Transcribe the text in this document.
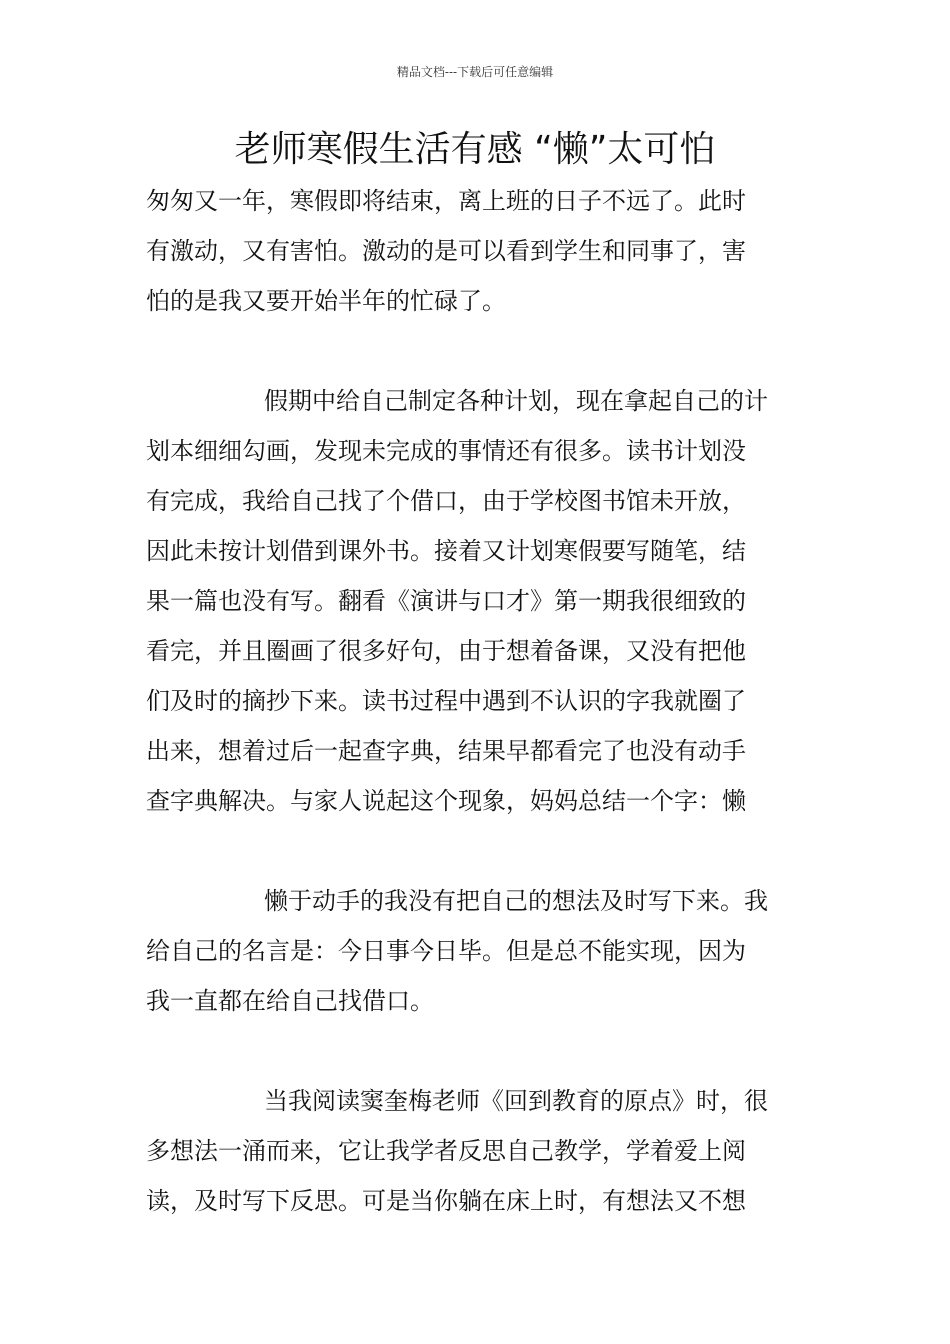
精品文档---下载后可任意编辑
老师寒假生活有感 “懒”太可怕
匆匆又一年，寒假即将结束，离上班的日子不远了。此时
有激动，又有害怕。激动的是可以看到学生和同事了，害
怕的是我又要开始半年的忙碌了。
假期中给自己制定各种计划，现在拿起自己的计
划本细细勾画，发现未完成的事情还有很多。读书计划没
有完成，我给自己找了个借口，由于学校图书馆未开放，
因此未按计划借到课外书。接着又计划寒假要写随笔，结
果一篇也没有写。翻看《演讲与口才》第一期我很细致的
看完，并且圈画了很多好句，由于想着备课，又没有把他
们及时的摘抄下来。读书过程中遇到不认识的字我就圈了
出来，想着过后一起查字典，结果早都看完了也没有动手
查字典解决。与家人说起这个现象，妈妈总结一个字：懒
懒于动手的我没有把自己的想法及时写下来。我
给自己的名言是：今日事今日毕。但是总不能实现，因为
我一直都在给自己找借口。
当我阅读窦奎梅老师《回到教育的原点》时，很
多想法一涌而来，它让我学者反思自己教学，学着爱上阅
读，及时写下反思。可是当你躺在床上时，有想法又不想
